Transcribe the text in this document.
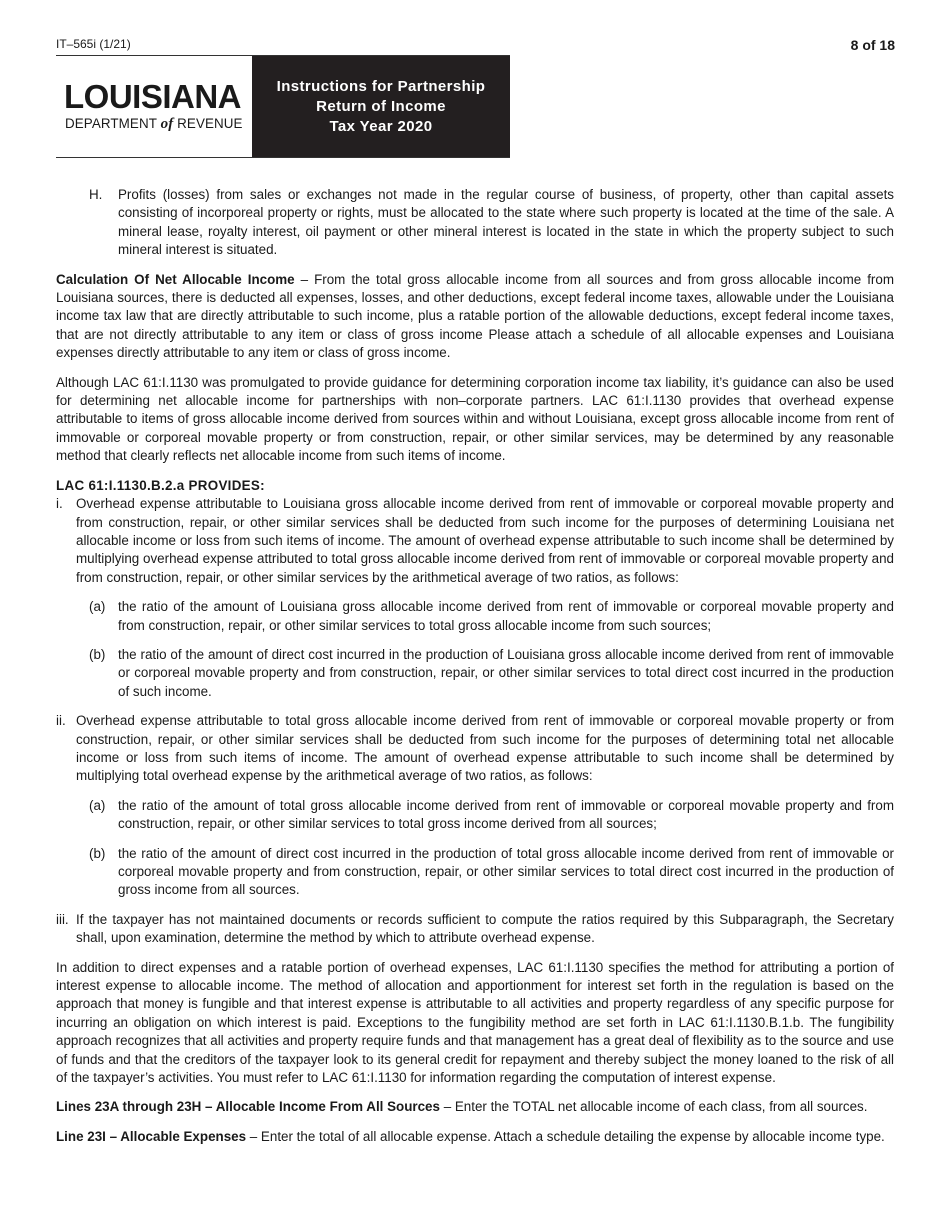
IT–565i (1/21)	8 of 18
LOUISIANA
DEPARTMENT of REVENUE
Instructions for Partnership
Return of Income
Tax Year 2020
H.	Profits (losses) from sales or exchanges not made in the regular course of business, of property, other than capital assets consisting of incorporeal property or rights, must be allocated to the state where such property is located at the time of the sale. A mineral lease, royalty interest, oil payment or other mineral interest is located in the state in which the property subject to such mineral interest is situated.

Calculation Of Net Allocable Income – From the total gross allocable income from all sources and from gross allocable income from Louisiana sources, there is deducted all expenses, losses, and other deductions, except federal income taxes, allowable under the Louisiana income tax law that are directly attributable to such income, plus a ratable portion of the allowable deductions, except federal income taxes, that are not directly attributable to any item or class of gross income Please attach a schedule of all allocable expenses and Louisiana expenses directly attributable to any item or class of gross income.

Although LAC 61:I.1130 was promulgated to provide guidance for determining corporation income tax liability, it’s guidance can also be used for determining net allocable income for partnerships with non–corporate partners. LAC 61:I.1130 provides that overhead expense attributable to items of gross allocable income derived from sources within and without Louisiana, except gross allocable income from rent of immovable or corporeal movable property or from construction, repair, or other similar services, may be determined by any reasonable method that clearly reflects net allocable income from such items of income.

LAC 61:I.1130.B.2.a PROVIDES:

i. Overhead expense attributable to Louisiana gross allocable income derived from rent of immovable or corporeal movable property and from construction, repair, or other similar services shall be deducted from such income for the purposes of determining Louisiana net allocable income or loss from such items of income. The amount of overhead expense attributable to such income shall be determined by multiplying overhead expense attributed to total gross allocable income derived from rent of immovable or corporeal movable property and from construction, repair, or other similar services by the arithmetical average of two ratios, as follows:

(a) the ratio of the amount of Louisiana gross allocable income derived from rent of immovable or corporeal movable property and from construction, repair, or other similar services to total gross allocable income from such sources;

(b) the ratio of the amount of direct cost incurred in the production of Louisiana gross allocable income derived from rent of immovable or corporeal movable property and from construction, repair, or other similar services to total direct cost incurred in the production of such income.

ii. Overhead expense attributable to total gross allocable income derived from rent of immovable or corporeal movable property or from construction, repair, or other similar services shall be deducted from such income for the purposes of determining total net allocable income or loss from such items of income. The amount of overhead expense attributable to such income shall be determined by multiplying total overhead expense by the arithmetical average of two ratios, as follows:

(a) the ratio of the amount of total gross allocable income derived from rent of immovable or corporeal movable property and from construction, repair, or other similar services to total gross income derived from all sources;

(b) the ratio of the amount of direct cost incurred in the production of total gross allocable income derived from rent of immovable or corporeal movable property and from construction, repair, or other similar services to total direct cost incurred in the production of gross income from all sources.

iii. If the taxpayer has not maintained documents or records sufficient to compute the ratios required by this Subparagraph, the Secretary shall, upon examination, determine the method by which to attribute overhead expense.

In addition to direct expenses and a ratable portion of overhead expenses, LAC 61:I.1130 specifies the method for attributing a portion of interest expense to allocable income. The method of allocation and apportionment for interest set forth in the regulation is based on the approach that money is fungible and that interest expense is attributable to all activities and property regardless of any specific purpose for incurring an obligation on which interest is paid. Exceptions to the fungibility method are set forth in LAC 61:I.1130.B.1.b. The fungibility approach recognizes that all activities and property require funds and that management has a great deal of flexibility as to the source and use of funds and that the creditors of the taxpayer look to its general credit for repayment and thereby subject the money loaned to the risk of all of the taxpayer’s activities. You must refer to LAC 61:I.1130 for information regarding the computation of interest expense.

Lines 23A through 23H – Allocable Income From All Sources – Enter the TOTAL net allocable income of each class, from all sources.

Line 23I – Allocable Expenses – Enter the total of all allocable expense. Attach a schedule detailing the expense by allocable income type.
